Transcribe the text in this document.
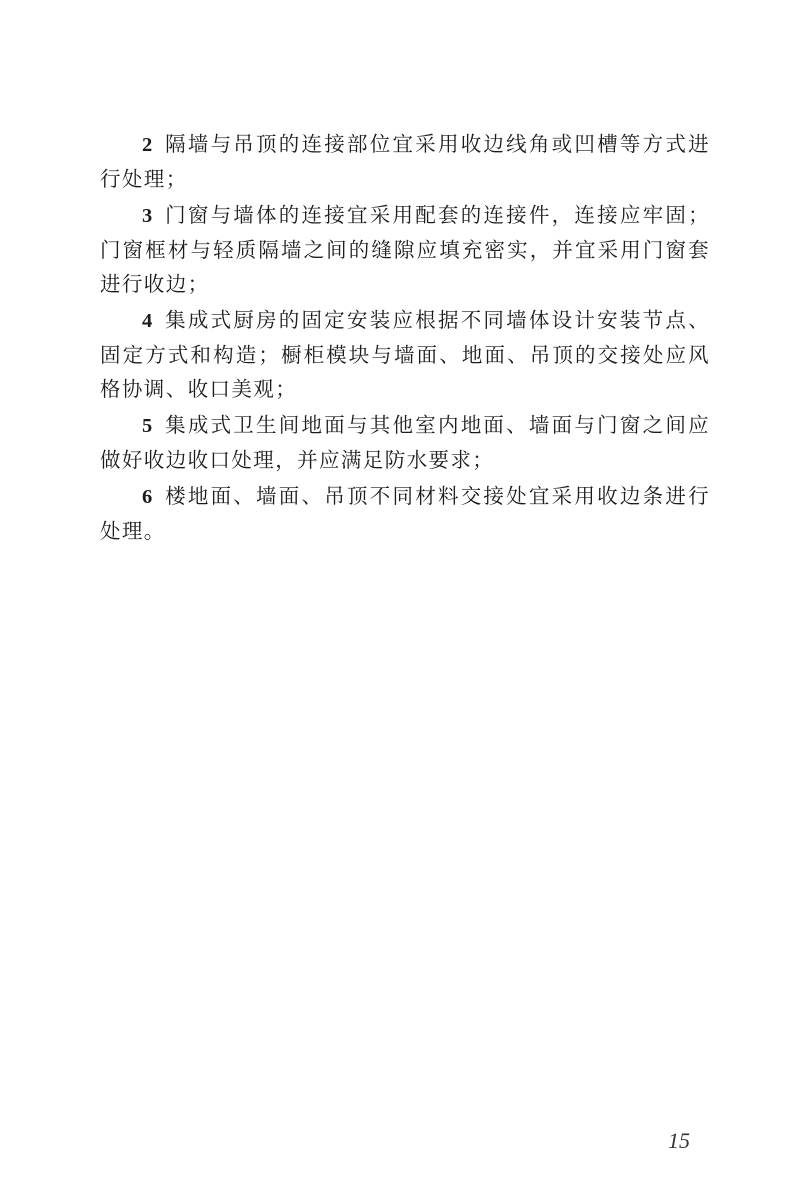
2 隔墙与吊顶的连接部位宜采用收边线角或凹槽等方式进行处理；

3 门窗与墙体的连接宜采用配套的连接件，连接应牢固；门窗框材与轻质隔墙之间的缝隙应填充密实，并宜采用门窗套进行收边；

4 集成式厨房的固定安装应根据不同墙体设计安装节点、固定方式和构造；橱柜模块与墙面、地面、吊顶的交接处应风格协调、收口美观；

5 集成式卫生间地面与其他室内地面、墙面与门窗之间应做好收边收口处理，并应满足防水要求；

6 楼地面、墙面、吊顶不同材料交接处宜采用收边条进行处理。

15
